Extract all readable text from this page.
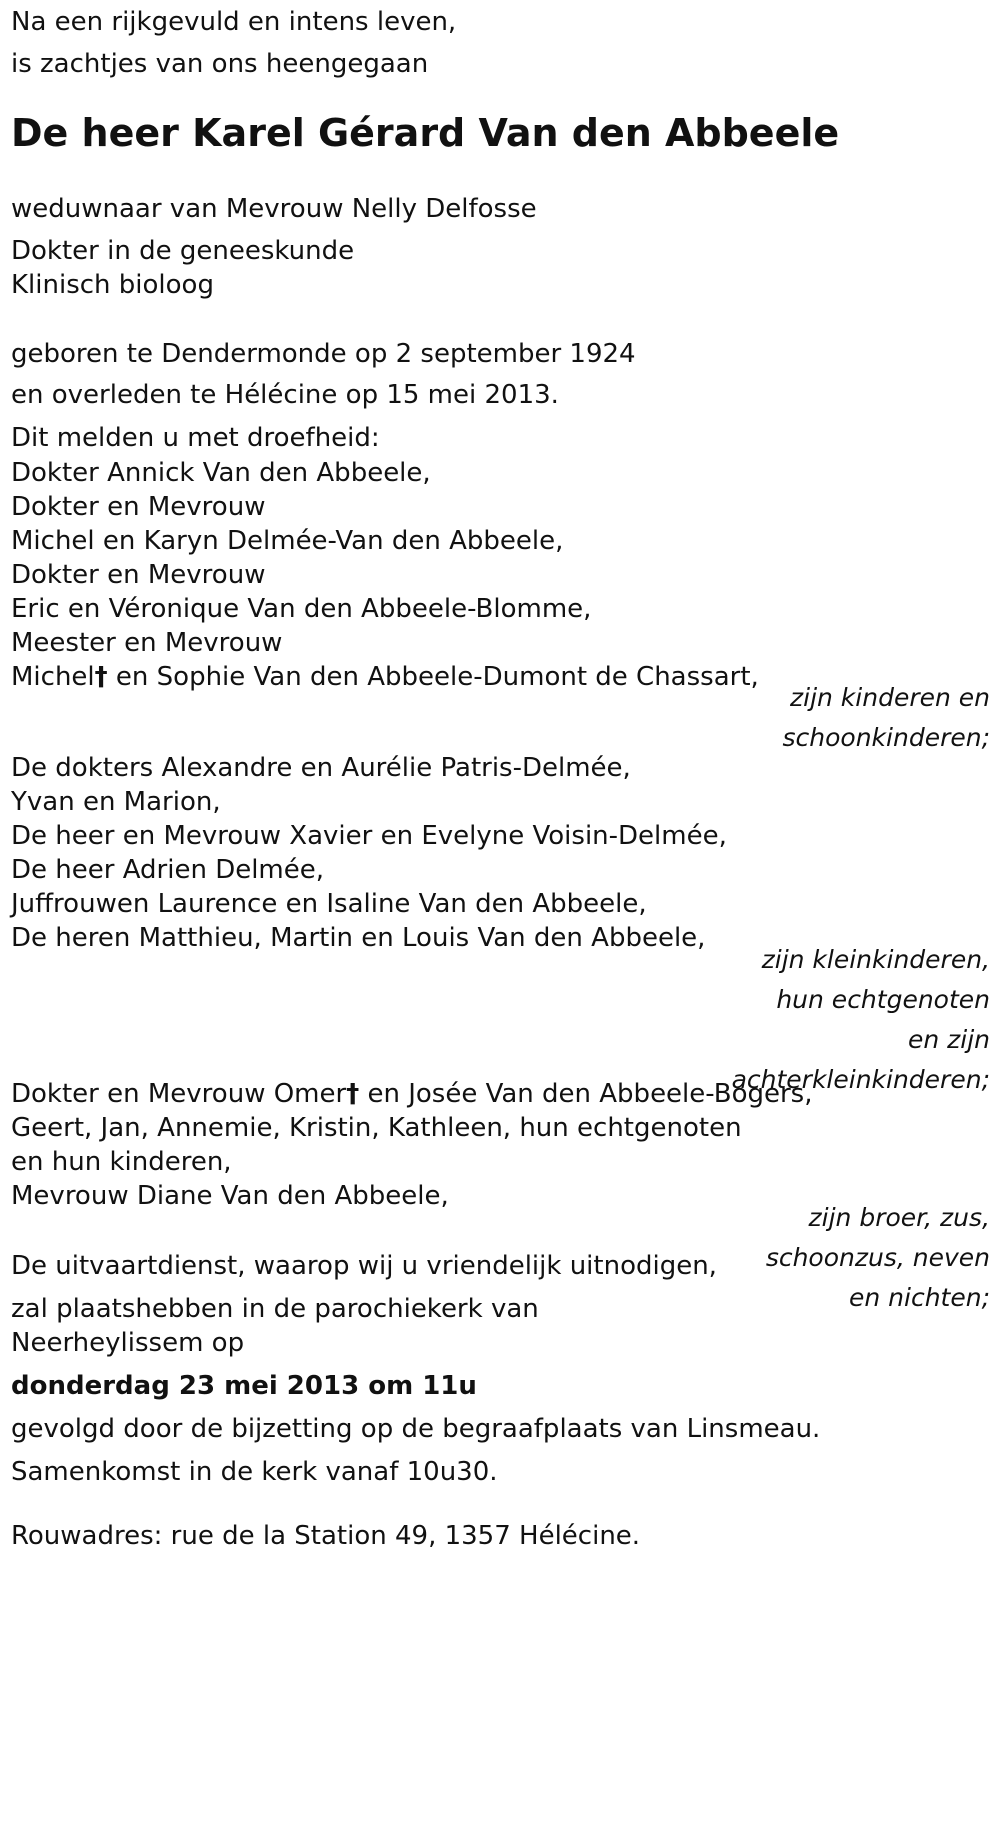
Na een rijkgevuld en intens leven,

is zachtjes van ons heengegaan

De heer Karel Gérard Van den Abbeele

weduwnaar van Mevrouw Nelly Delfosse

Dokter in de geneeskunde

Klinisch bioloog

geboren te Dendermonde op 2 september 1924

en overleden te Hélécine op 15 mei 2013.

Dit melden u met droefheid:

Dokter Annick Van den Abbeele,

Dokter en Mevrouw

Michel en Karyn Delmée-Van den Abbeele,

Dokter en Mevrouw

Eric en Véronique Van den Abbeele-Blomme,

Meester en Mevrouw

Michel† en Sophie Van den Abbeele-Dumont de Chassart,

zijn kinderen en
schoonkinderen;

De dokters Alexandre en Aurélie Patris-Delmée,

Yvan en Marion,

De heer en Mevrouw Xavier en Evelyne Voisin-Delmée,

De heer Adrien Delmée,

Juffrouwen Laurence en Isaline Van den Abbeele,

De heren Matthieu, Martin en Louis Van den Abbeele,

zijn kleinkinderen,
hun echtgenoten
en zijn
achterkleinkinderen;

Dokter en Mevrouw Omer† en Josée Van den Abbeele-Bogers,

Geert, Jan, Annemie, Kristin, Kathleen, hun echtgenoten

en hun kinderen,

Mevrouw Diane Van den Abbeele,

zijn broer, zus,
schoonzus, neven
en nichten;

De uitvaartdienst, waarop wij u vriendelijk uitnodigen,

zal plaatshebben in de parochiekerk van

Neerheylissem op

donderdag 23 mei 2013 om 11u

gevolgd door de bijzetting op de begraafplaats van Linsmeau.

Samenkomst in de kerk vanaf 10u30.

Rouwadres: rue de la Station 49, 1357 Hélécine.
